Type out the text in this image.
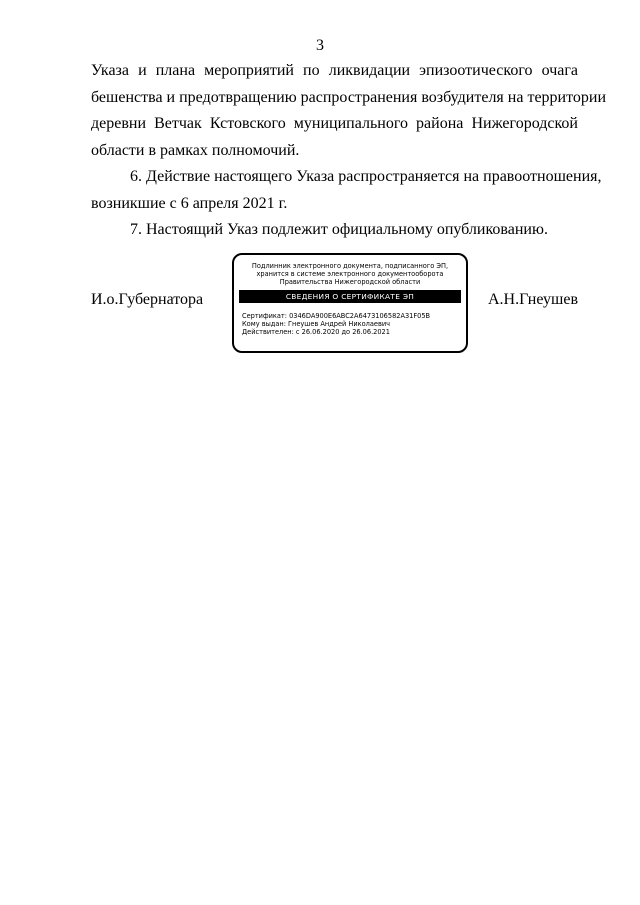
3
Указа и плана мероприятий по ликвидации эпизоотического очага
бешенства и предотвращению распространения возбудителя на территории
деревни Ветчак Кстовского муниципального района Нижегородской
области в рамках полномочий.
6. Действие настоящего Указа распространяется на правоотношения,
возникшие с 6 апреля 2021 г.
7. Настоящий Указ подлежит официальному опубликованию.
И.о.Губернатора
Подлинник электронного документа, подписанного ЭП,
хранится в системе электронного документооборота
Правительства Нижегородской области
СВЕДЕНИЯ О СЕРТИФИКАТЕ ЭП
Сертификат: 0346DA900E6ABC2A6473106582A31F05B
Кому выдан: Гнеушев Андрей Николаевич
Действителен: с 26.06.2020 до 26.06.2021
А.Н.Гнеушев
